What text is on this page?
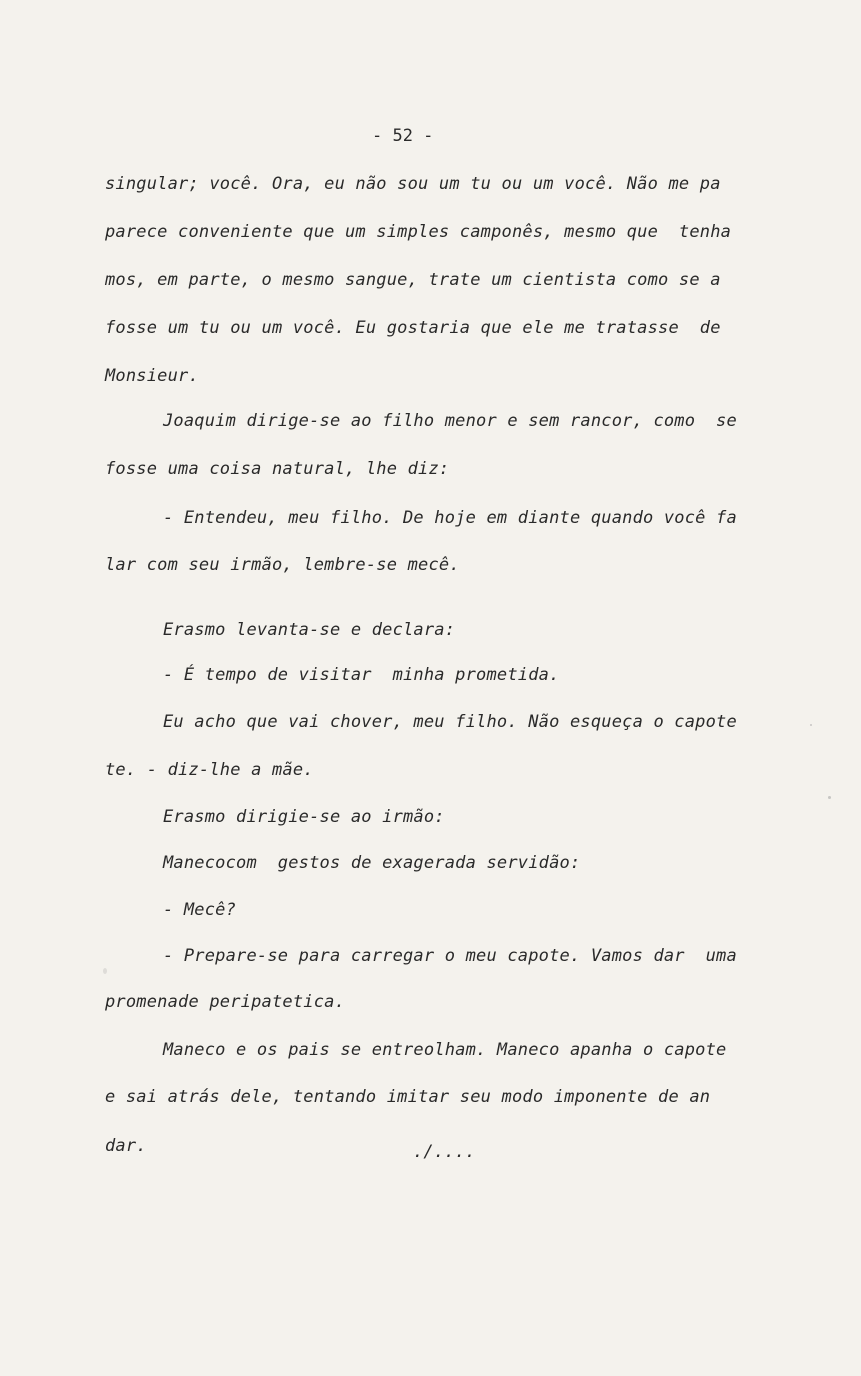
- 52 -
singular; você. Ora, eu não sou um tu ou um você. Não me pa
parece conveniente que um simples camponês, mesmo que  tenha
mos, em parte, o mesmo sangue, trate um cientista como se a
fosse um tu ou um você. Eu gostaria que ele me tratasse  de
Monsieur.
Joaquim dirige-se ao filho menor e sem rancor, como  se
fosse uma coisa natural, lhe diz:
- Entendeu, meu filho. De hoje em diante quando você fa
lar com seu irmão, lembre-se mecê.
Erasmo levanta-se e declara:
- É tempo de visitar  minha prometida.
Eu acho que vai chover, meu filho. Não esqueça o capote
te. - diz-lhe a mãe.
Erasmo dirigie-se ao irmão:
Manecocom  gestos de exagerada servidão:
- Mecê?
- Prepare-se para carregar o meu capote. Vamos dar  uma
promenade peripatetica.
Maneco e os pais se entreolham. Maneco apanha o capote
e sai atrás dele, tentando imitar seu modo imponente de an
dar.	./....
